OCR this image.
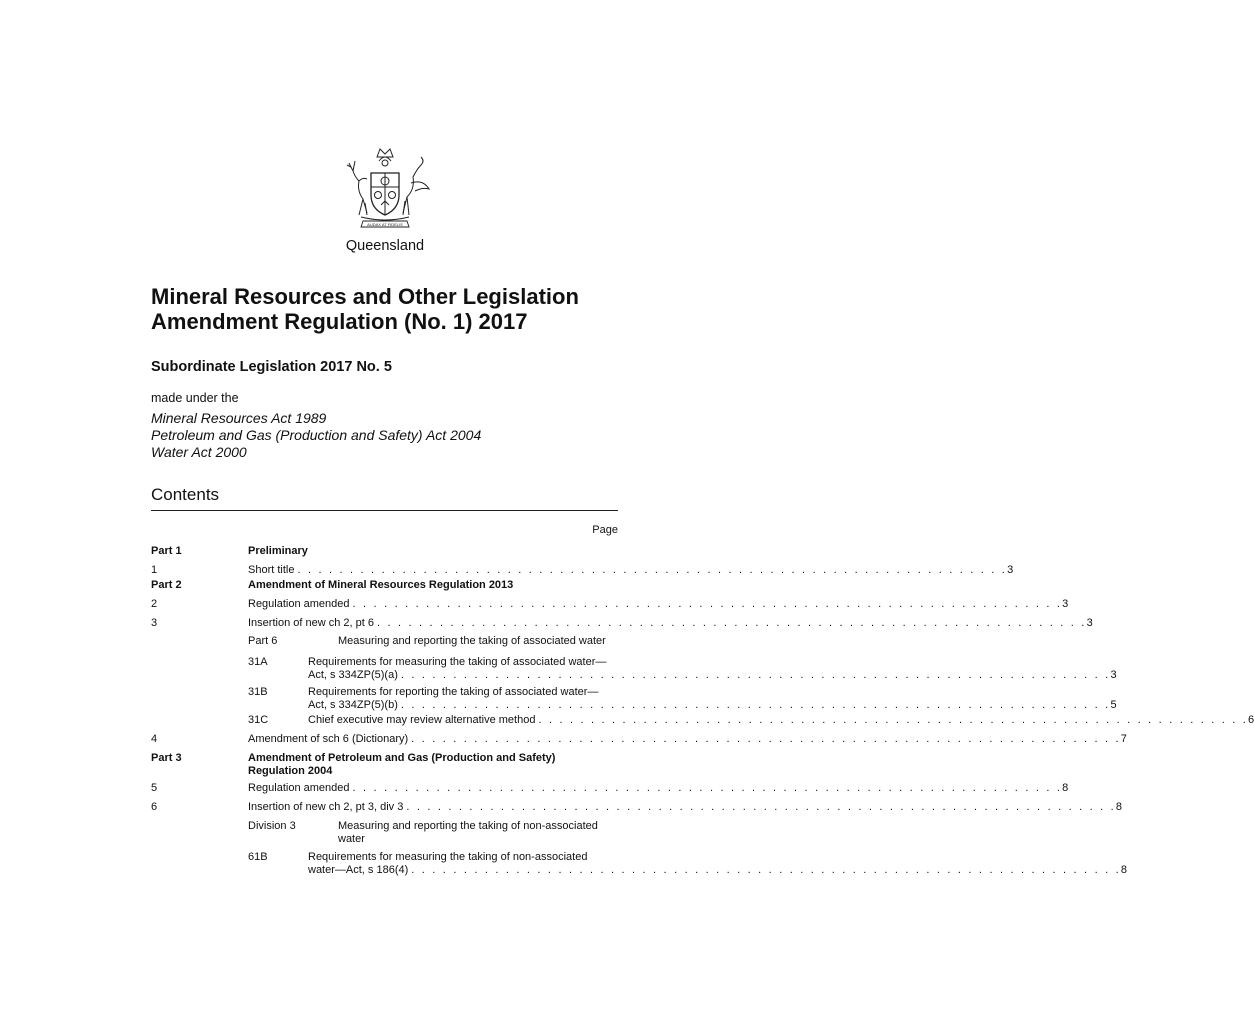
AUDAX AT FIDELIS
Queensland
Mineral Resources and Other Legislation
Amendment Regulation (No. 1) 2017
Subordinate Legislation 2017 No. 5
made under the
Mineral Resources Act 1989
Petroleum and Gas (Production and Safety) Act 2004
Water Act 2000
Contents
Page
Part 1	Preliminary
1	Short title . . . . . . . . . . . . . . . . . . . . . . . . . . . . . . . . . . . . . . . . . . . . . . . . . . . . . . . . . . . . . . . . . . . . 3
Part 2	Amendment of Mineral Resources Regulation 2013
2	Regulation amended . . . . . . . . . . . . . . . . . . . . . . . . . . . . . . . . . . . . . . . . . . . . . . . . . . . . . . . . . . . . . . . . . . . . 3
3	Insertion of new ch 2, pt 6 . . . . . . . . . . . . . . . . . . . . . . . . . . . . . . . . . . . . . . . . . . . . . . . . . . . . . . . . . . . . . . . . . . . . 3
Part 6	Measuring and reporting the taking of associated water
31A	Requirements for measuring the taking of associated water—
Act, s 334ZP(5)(a) . . . . . . . . . . . . . . . . . . . . . . . . . . . . . . . . . . . . . . . . . . . . . . . . . . . . . . . . . . . . . . . . . . . . 3
31B	Requirements for reporting the taking of associated water—
Act, s 334ZP(5)(b) . . . . . . . . . . . . . . . . . . . . . . . . . . . . . . . . . . . . . . . . . . . . . . . . . . . . . . . . . . . . . . . . . . . . 5
31C	Chief executive may review alternative method . . . . . . . . . . . . . . . . . . . . . . . . . . . . . . . . . . . . . . . . . . . . . . . . . . . . . . . . . . . . . . . . . . . . 6
4	Amendment of sch 6 (Dictionary) . . . . . . . . . . . . . . . . . . . . . . . . . . . . . . . . . . . . . . . . . . . . . . . . . . . . . . . . . . . . . . . . . . . . 7
Part 3	Amendment of Petroleum and Gas (Production and Safety)
Regulation 2004
5	Regulation amended . . . . . . . . . . . . . . . . . . . . . . . . . . . . . . . . . . . . . . . . . . . . . . . . . . . . . . . . . . . . . . . . . . . . 8
6	Insertion of new ch 2, pt 3, div 3 . . . . . . . . . . . . . . . . . . . . . . . . . . . . . . . . . . . . . . . . . . . . . . . . . . . . . . . . . . . . . . . . . . . . 8
Division 3	Measuring and reporting the taking of non-associated
water
61B	Requirements for measuring the taking of non-associated
water—Act, s 186(4) . . . . . . . . . . . . . . . . . . . . . . . . . . . . . . . . . . . . . . . . . . . . . . . . . . . . . . . . . . . . . . . . . . . . 8
